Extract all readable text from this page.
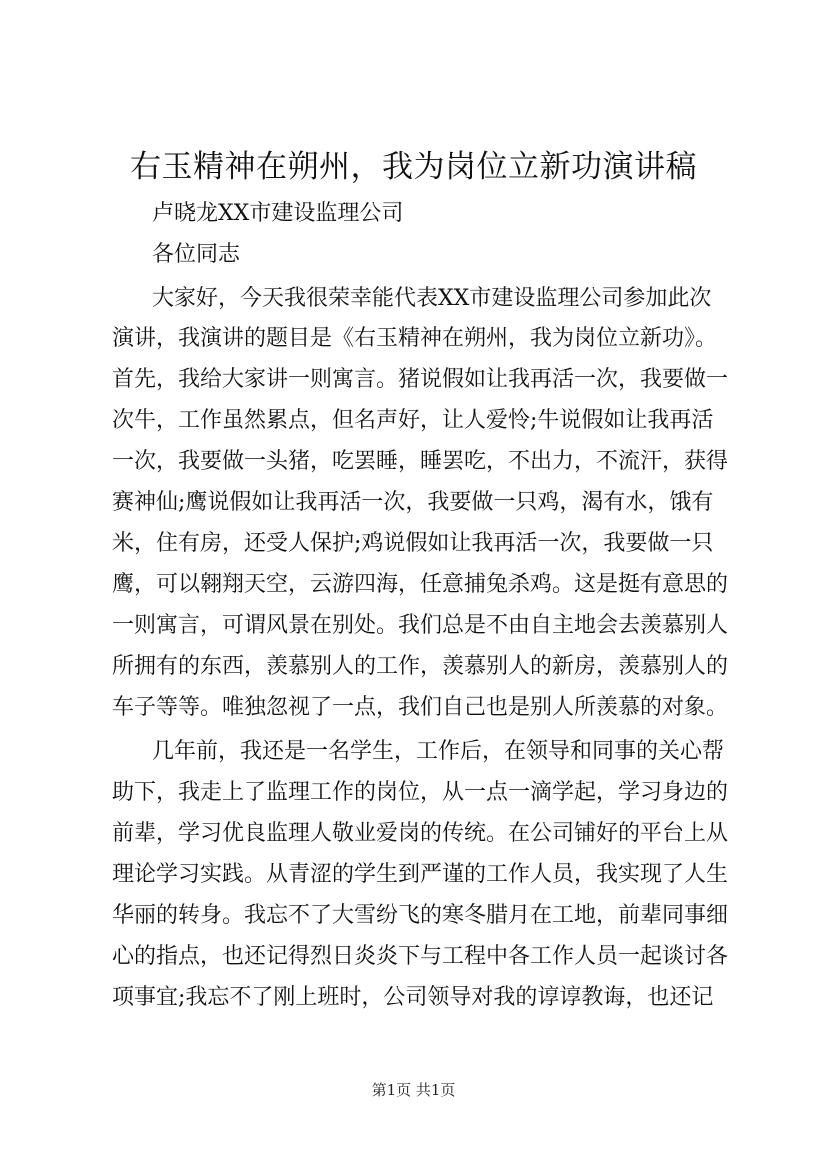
右玉精神在朔州，我为岗位立新功演讲稿
卢晓龙XX市建设监理公司
各位同志
大家好，今天我很荣幸能代表XX市建设监理公司参加此次
演讲，我演讲的题目是《右玉精神在朔州，我为岗位立新功》。
首先，我给大家讲一则寓言。猪说假如让我再活一次，我要做一
次牛，工作虽然累点，但名声好，让人爱怜;牛说假如让我再活
一次，我要做一头猪，吃罢睡，睡罢吃，不出力，不流汗，获得
赛神仙;鹰说假如让我再活一次，我要做一只鸡，渴有水，饿有
米，住有房，还受人保护;鸡说假如让我再活一次，我要做一只
鹰，可以翱翔天空，云游四海，任意捕兔杀鸡。这是挺有意思的
一则寓言，可谓风景在别处。我们总是不由自主地会去羡慕别人
所拥有的东西，羡慕别人的工作，羡慕别人的新房，羡慕别人的
车子等等。唯独忽视了一点，我们自己也是别人所羡慕的对象。
几年前，我还是一名学生，工作后，在领导和同事的关心帮
助下，我走上了监理工作的岗位，从一点一滴学起，学习身边的
前辈，学习优良监理人敬业爱岗的传统。在公司铺好的平台上从
理论学习实践。从青涩的学生到严谨的工作人员，我实现了人生
华丽的转身。我忘不了大雪纷飞的寒冬腊月在工地，前辈同事细
心的指点，也还记得烈日炎炎下与工程中各工作人员一起谈讨各
项事宜;我忘不了刚上班时，公司领导对我的谆谆教诲，也还记
第1页 共1页
